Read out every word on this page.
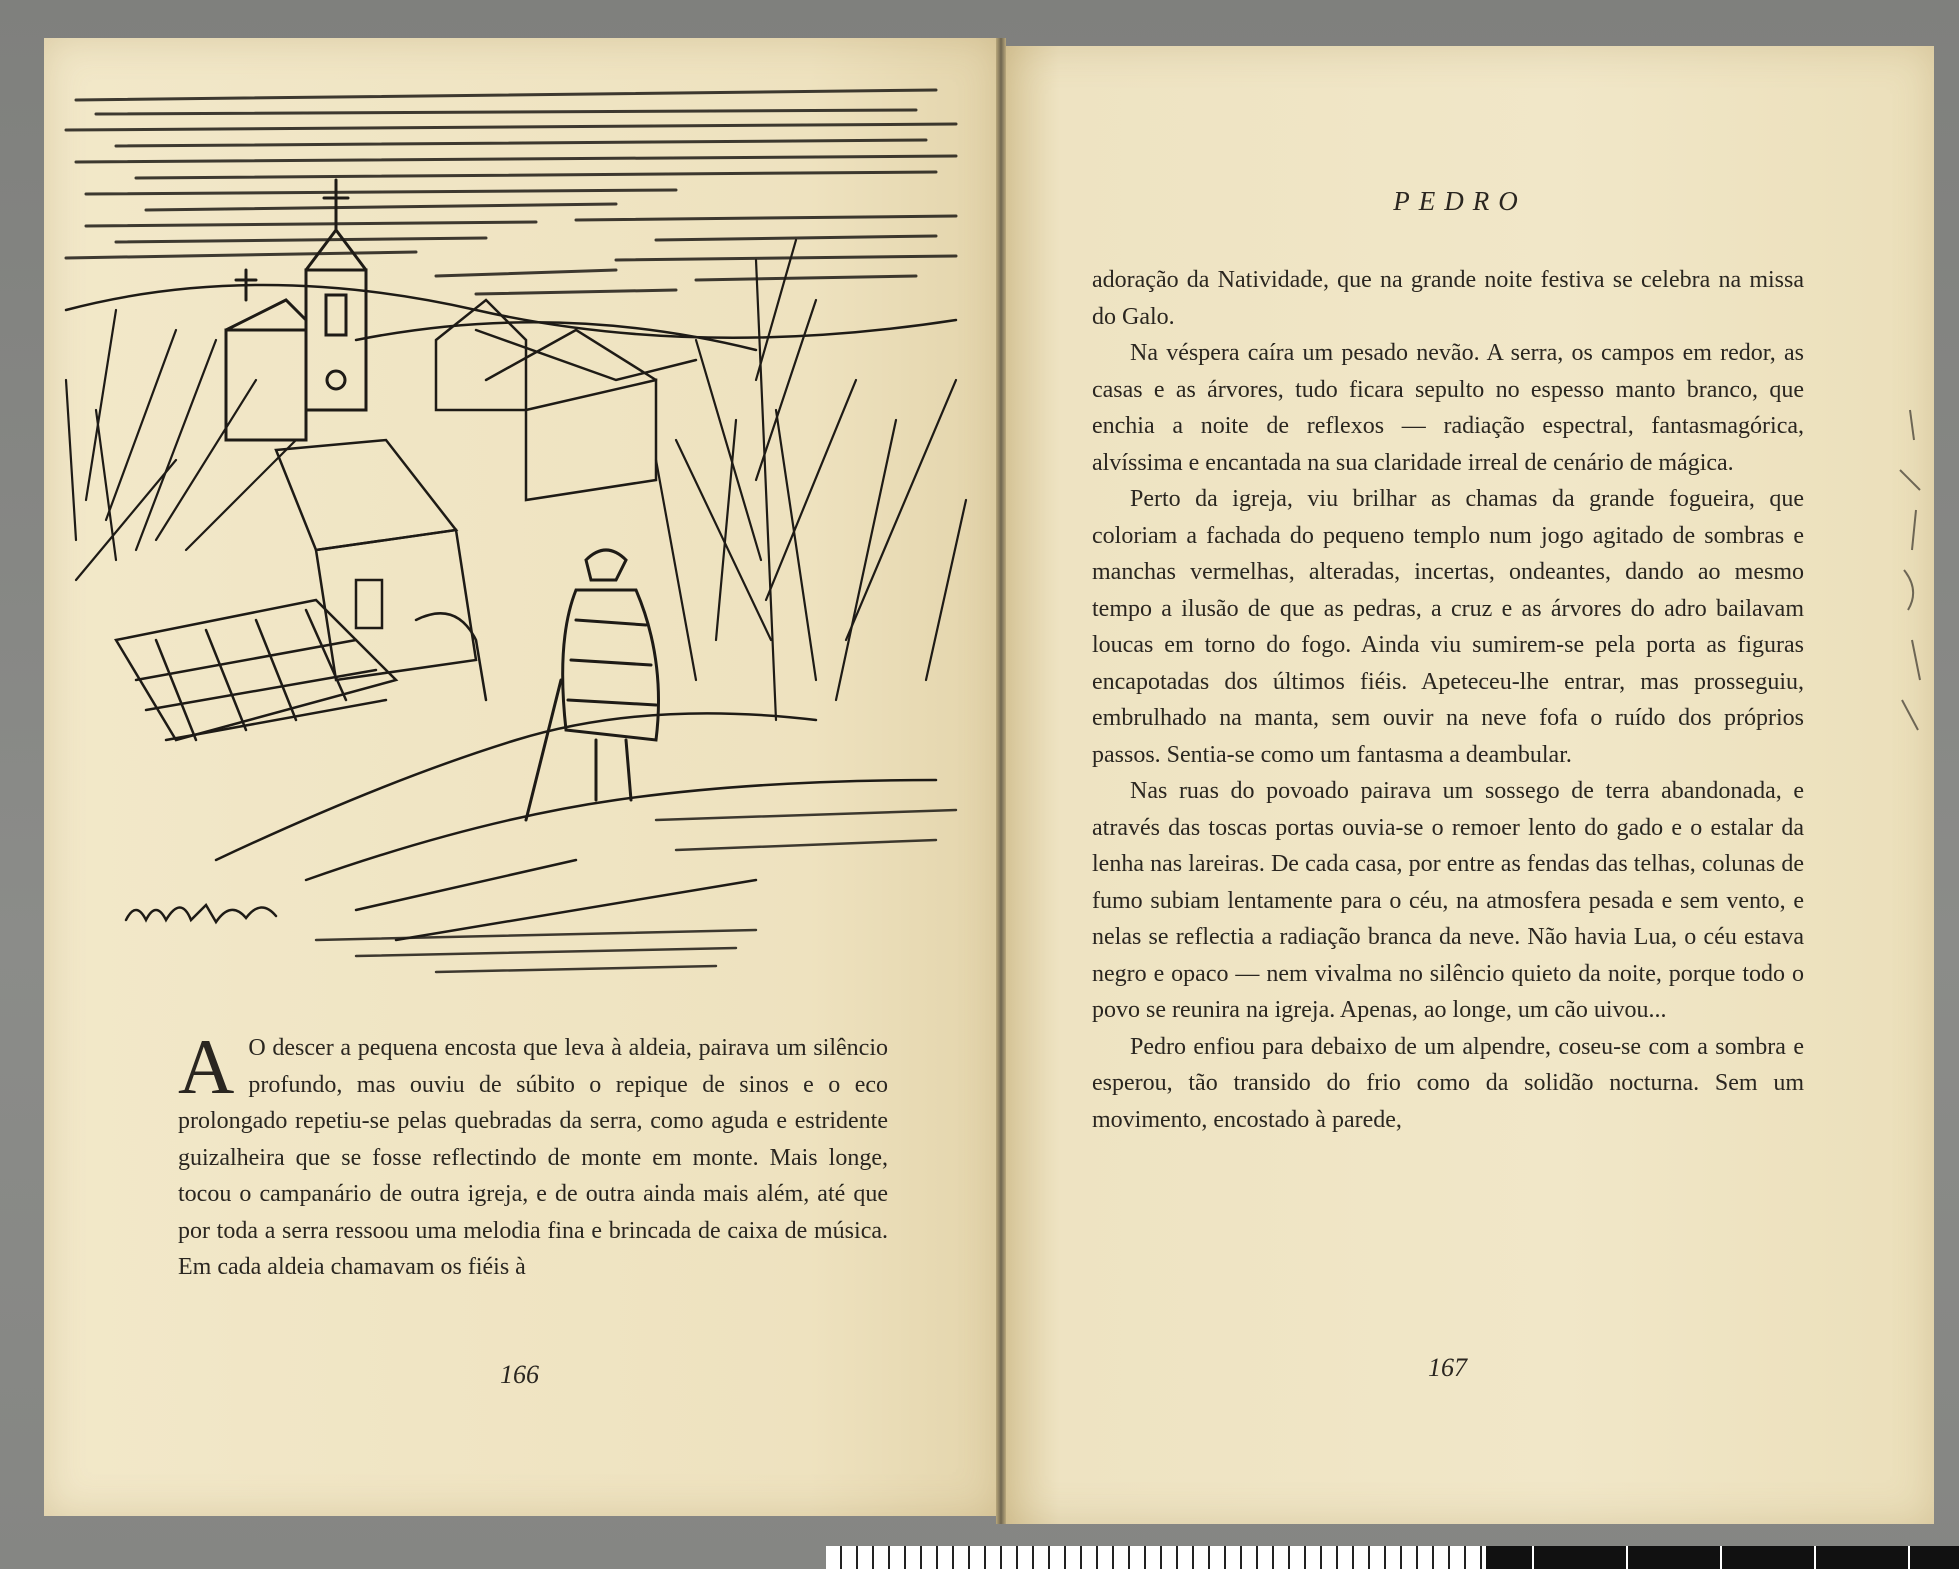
A O descer a pequena encosta que leva à aldeia, pairava um silêncio profundo, mas ouviu de súbito o repique de sinos e o eco prolongado repetiu-se pelas quebradas da serra, como aguda e estridente guizalheira que se fosse reflectindo de monte em monte. Mais longe, tocou o campanário de outra igreja, e de outra ainda mais além, até que por toda a serra ressoou uma melodia fina e brincada de caixa de música. Em cada aldeia chamavam os fiéis à
PEDRO

adoração da Natividade, que na grande noite festiva se celebra na missa do Galo.

Na véspera caíra um pesado nevão. A serra, os campos em redor, as casas e as árvores, tudo ficara sepulto no espesso manto branco, que enchia a noite de reflexos — radiação espectral, fantasmagórica, alvíssima e encantada na sua claridade irreal de cenário de mágica.

Perto da igreja, viu brilhar as chamas da grande fogueira, que coloriam a fachada do pequeno templo num jogo agitado de sombras e manchas vermelhas, alteradas, incertas, ondeantes, dando ao mesmo tempo a ilusão de que as pedras, a cruz e as árvores do adro bailavam loucas em torno do fogo. Ainda viu sumirem-se pela porta as figuras encapotadas dos últimos fiéis. Apeteceu-lhe entrar, mas prosseguiu, embrulhado na manta, sem ouvir na neve fofa o ruído dos próprios passos. Sentia-se como um fantasma a deambular.

Nas ruas do povoado pairava um sossego de terra abandonada, e através das toscas portas ouvia-se o remoer lento do gado e o estalar da lenha nas lareiras. De cada casa, por entre as fendas das telhas, colunas de fumo subiam lentamente para o céu, na atmosfera pesada e sem vento, e nelas se reflectia a radiação branca da neve. Não havia Lua, o céu estava negro e opaco — nem vivalma no silêncio quieto da noite, porque todo o povo se reunira na igreja. Apenas, ao longe, um cão uivou...

Pedro enfiou para debaixo de um alpendre, coseu-se com a sombra e esperou, tão transido do frio como da solidão nocturna. Sem um movimento, encostado à parede,

166	167
